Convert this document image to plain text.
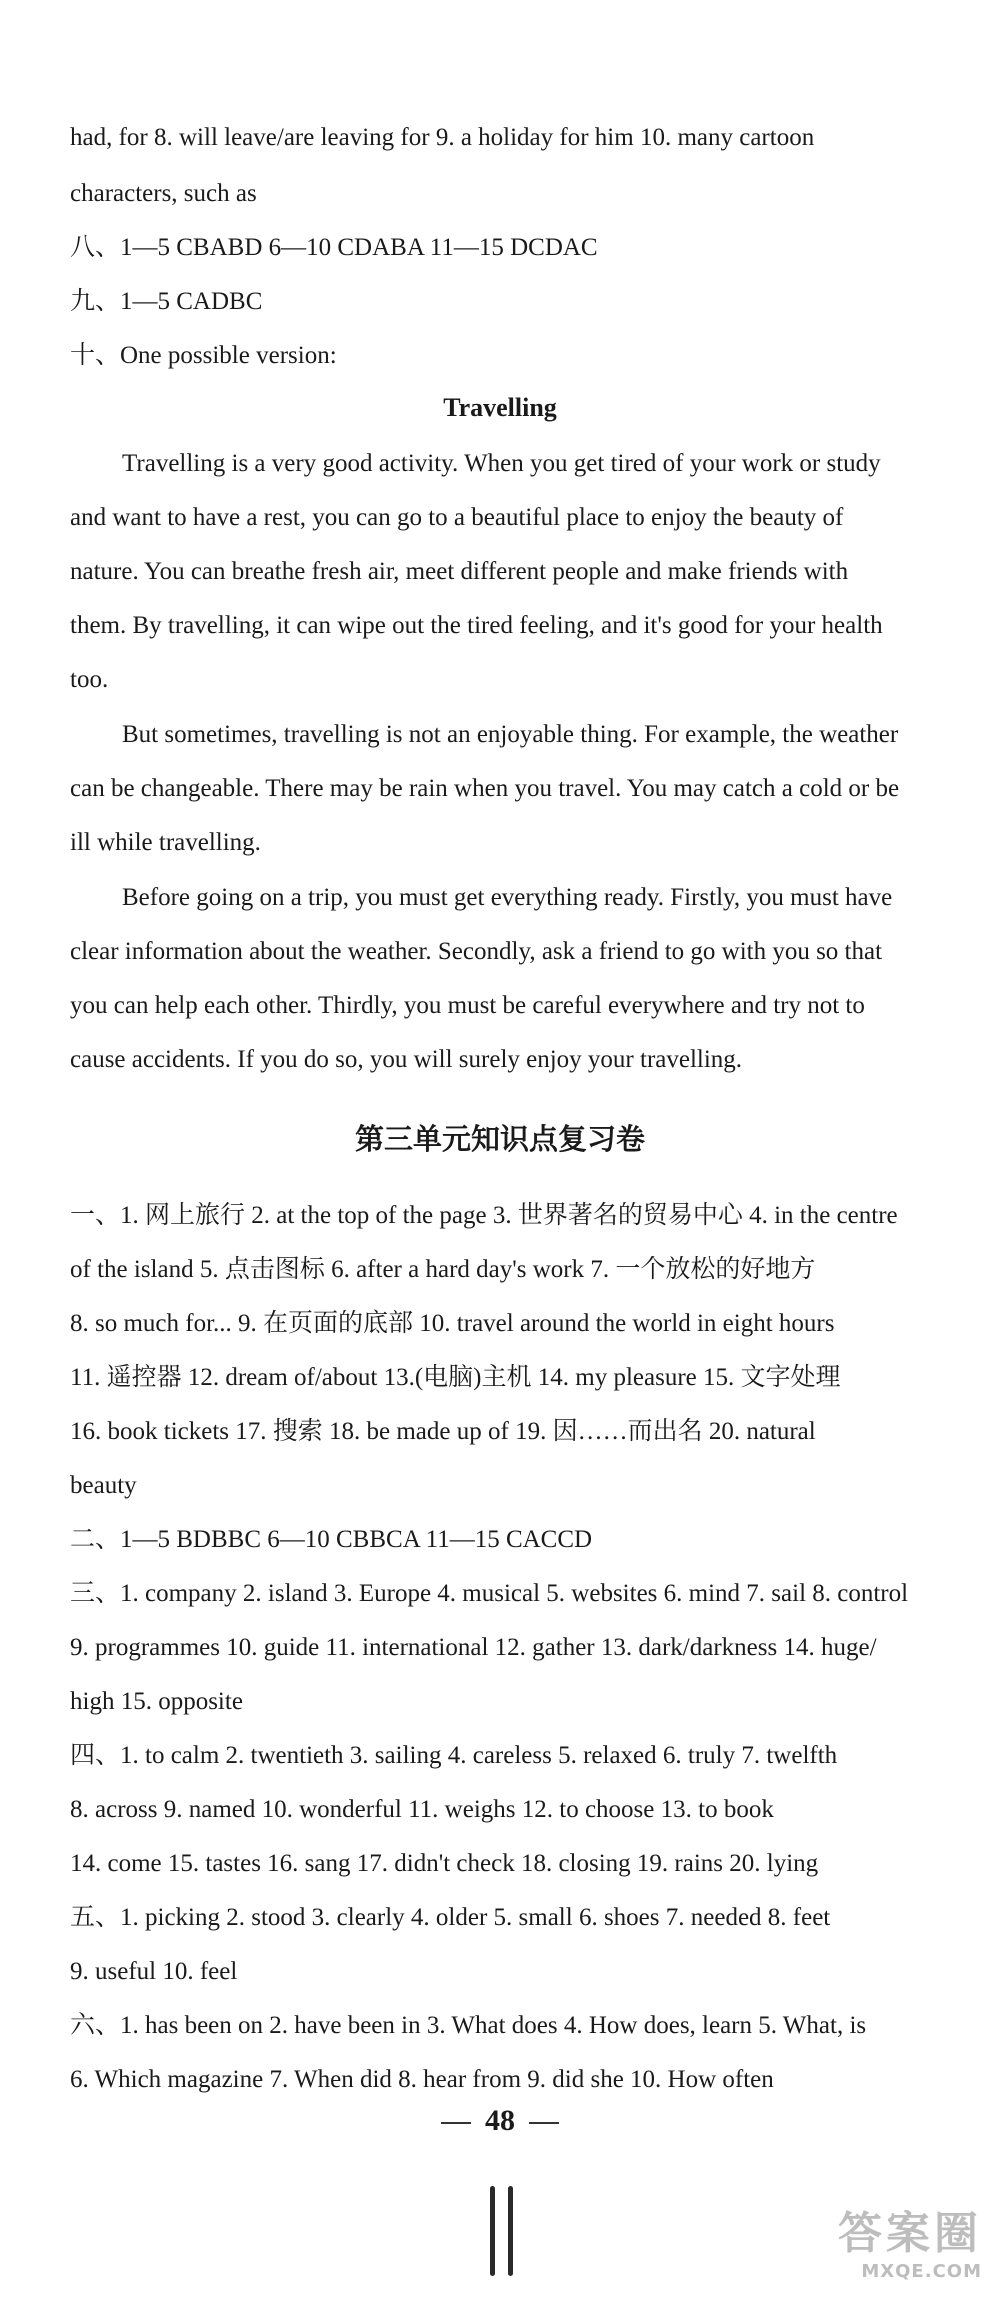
had, for 8. will leave/are leaving for 9. a holiday for him 10. many cartoon
characters, such as
八、1—5 CBABD 6—10 CDABA 11—15 DCDAC
九、1—5 CADBC
十、One possible version:
Travelling
Travelling is a very good activity. When you get tired of your work or study
and want to have a rest, you can go to a beautiful place to enjoy the beauty of
nature. You can breathe fresh air, meet different people and make friends with
them. By travelling, it can wipe out the tired feeling, and it's good for your health
too.
But sometimes, travelling is not an enjoyable thing. For example, the weather
can be changeable. There may be rain when you travel. You may catch a cold or be
ill while travelling.
Before going on a trip, you must get everything ready. Firstly, you must have
clear information about the weather. Secondly, ask a friend to go with you so that
you can help each other. Thirdly, you must be careful everywhere and try not to
cause accidents. If you do so, you will surely enjoy your travelling.
第三单元知识点复习卷
一、1. 网上旅行 2. at the top of the page 3. 世界著名的贸易中心 4. in the centre
of the island 5. 点击图标 6. after a hard day's work 7. 一个放松的好地方
8. so much for... 9. 在页面的底部 10. travel around the world in eight hours
11. 遥控器 12. dream of/about 13.(电脑)主机 14. my pleasure 15. 文字处理
16. book tickets 17. 搜索 18. be made up of 19. 因……而出名 20. natural
beauty
二、1—5 BDBBC 6—10 CBBCA 11—15 CACCD
三、1. company 2. island 3. Europe 4. musical 5. websites 6. mind 7. sail 8. control
9. programmes 10. guide 11. international 12. gather 13. dark/darkness 14. huge/
high 15. opposite
四、1. to calm 2. twentieth 3. sailing 4. careless 5. relaxed 6. truly 7. twelfth
8. across 9. named 10. wonderful 11. weighs 12. to choose 13. to book
14. come 15. tastes 16. sang 17. didn't check 18. closing 19. rains 20. lying
五、1. picking 2. stood 3. clearly 4. older 5. small 6. shoes 7. needed 8. feet
9. useful 10. feel
六、1. has been on 2. have been in 3. What does 4. How does, learn 5. What, is
6. Which magazine 7. When did 8. hear from 9. did she 10. How often
48
答案圈
MXQE.COM
